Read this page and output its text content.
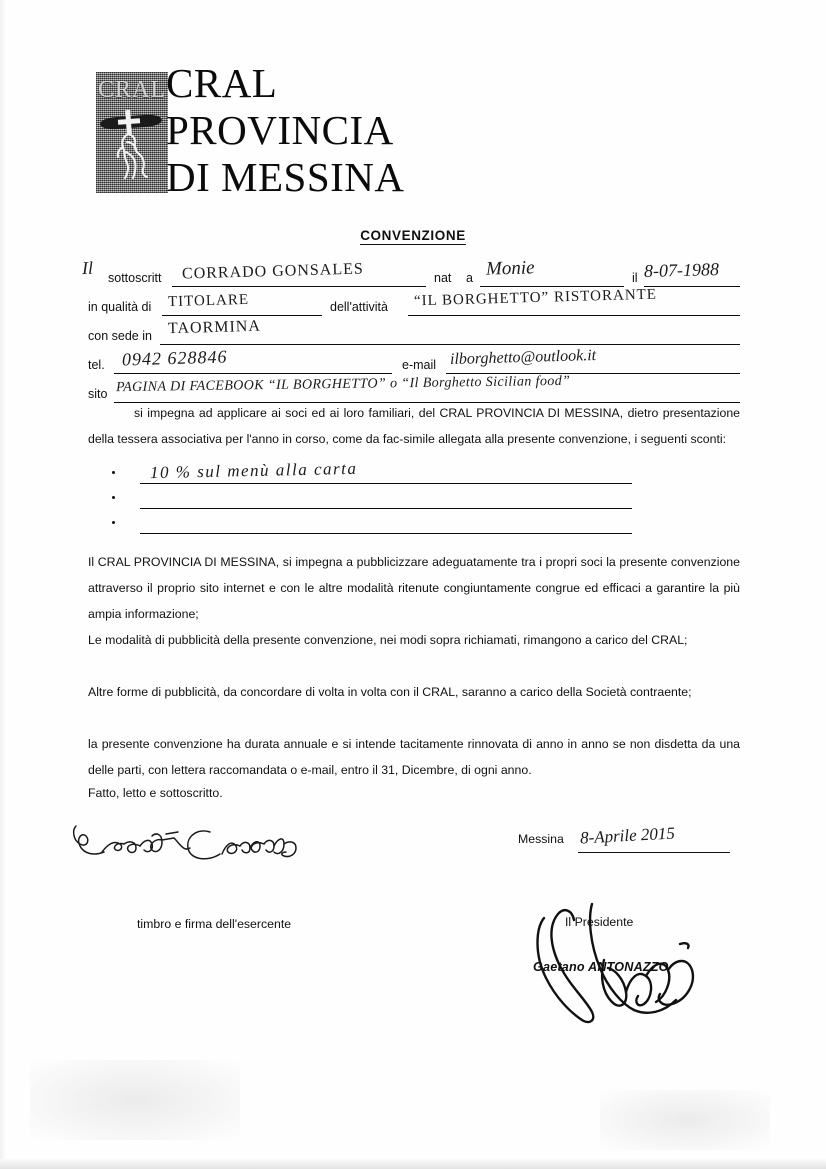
CRAL CRAL
PROVINCIA
DI MESSINA
CONVENZIONE
Il sottoscritt CORRADO GONSALES	nat a Monie	il 8-07-1988
in qualità di TITOLARE	dell'attività “IL BORGHETTO” RISTORANTE
con sede in TAORMINA
tel. 0942 628846	e-mail ilborghetto@outlook.it
sito PAGINA DI FACEBOOK “IL BORGHETTO” o “Il Borghetto Sicilian food”
si impegna ad applicare ai soci ed ai loro familiari, del CRAL PROVINCIA DI MESSINA, dietro presentazione della tessera associativa per l'anno in corso, come da fac-simile allegata alla presente convenzione, i seguenti sconti:
10 % sul menù alla carta
Il CRAL PROVINCIA DI MESSINA, si impegna a pubblicizzare adeguatamente tra i propri soci la presente convenzione attraverso il proprio sito internet e con le altre modalità ritenute congiuntamente congrue ed efficaci a garantire la più ampia informazione;
Le modalità di pubblicità della presente convenzione, nei modi sopra richiamati, rimangono a carico del CRAL;
Altre forme di pubblicità, da concordare di volta in volta con il CRAL, saranno a carico della Società contraente;
la presente convenzione ha durata annuale e si intende tacitamente rinnovata di anno in anno se non disdetta da una delle parti, con lettera raccomandata o e-mail, entro il 31, Dicembre, di ogni anno.
Fatto, letto e sottoscritto.
Messina 8-Aprile 2015
timbro e firma dell'esercente	Il Presidente
Gaetano ANTONAZZO
